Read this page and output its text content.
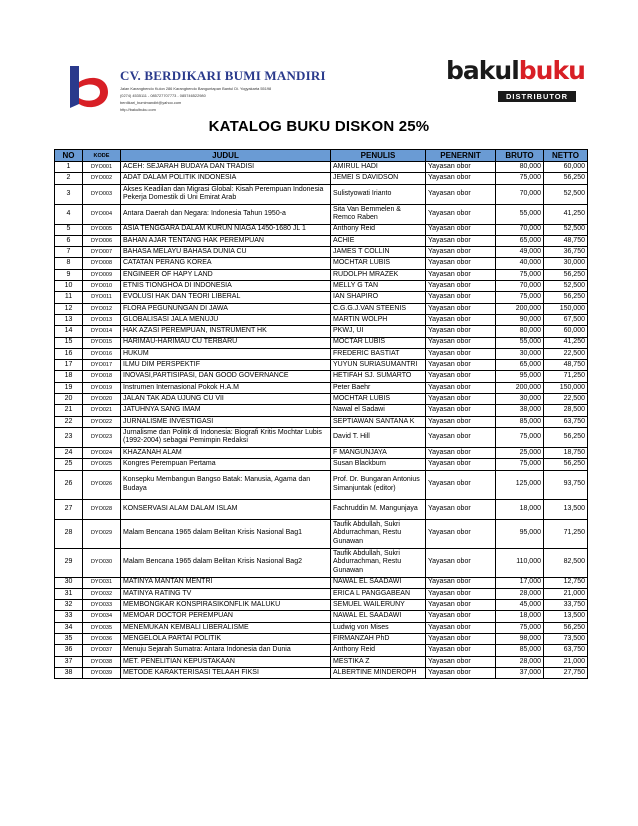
CV. BERDIKARI BUMI MANDIRI
Jalan Karangbendo Kulon 286 Karangbendo Banguntapan Bantul Di. Yogyakarta 55198
(0274) 4535111 - 085727707773 - 085746522980
berdikari_bumimandiri@yahoo.com
http://bakulbuku.com
bakulbuku
DISTRIBUTOR
KATALOG BUKU DISKON 25%
NO	KODE	JUDUL	PENULIS	PENERNIT	BRUTO	NETTO
1	DYO001	ACEH: SEJARAH BUDAYA DAN TRADISI	AMIRUL HADI	Yayasan obor	80,000	60,000
2	DYO002	ADAT DALAM POLITIK INDONESIA	JEMEI S DAVIDSON	Yayasan obor	75,000	56,250
3	DYO003	Akses Keadilan dan Migrasi Global: Kisah Perempuan Indonesia Pekerja Domestik di Uni Emirat Arab	Sulistyowati Irianto	Yayasan obor	70,000	52,500
4	DYO004	Antara Daerah dan Negara: Indonesia Tahun 1950-a	Sita Van Bemmelen & Remco Raben	Yayasan obor	55,000	41,250
5	DYO005	ASIA TENGGARA DALAM KURUN NIAGA 1450-1680 JL 1	Anthony Reid	Yayasan obor	70,000	52,500
6	DYO006	BAHAN AJAR TENTANG HAK PEREMPUAN	ACHIE	Yayasan obor	65,000	48,750
7	DYO007	BAHASA MELAYU BAHASA DUNIA CU	JAMES T COLLIN	Yayasan obor	49,000	36,750
8	DYO008	CATATAN PERANG KOREA	MOCHTAR LUBIS	Yayasan obor	40,000	30,000
9	DYO009	ENGINEER OF HAPY LAND	RUDOLPH MRAZEK	Yayasan obor	75,000	56,250
10	DYO010	ETNIS TIONGHOA DI INDONESIA	MELLY G TAN	Yayasan obor	70,000	52,500
11	DYO011	EVOLUSI HAK DAN TEORI LIBERAL	IAN SHAPIRO	Yayasan obor	75,000	56,250
12	DYO012	FLORA PEGUNUNGAN DI JAWA	C.G.G.J.VAN STEENIS	Yayasan obor	200,000	150,000
13	DYO013	GLOBALISASI JALA MENUJU	MARTIN WOLPH	Yayasan obor	90,000	67,500
14	DYO014	HAK AZASI PEREMPUAN, INSTRUMENT HK	PKWJ, UI	Yayasan obor	80,000	60,000
15	DYO015	HARIMAU-HARIMAU CU TERBARU	MOCTAR LUBIS	Yayasan obor	55,000	41,250
16	DYO016	HUKUM	FREDERIC BASTIAT	Yayasan obor	30,000	22,500
17	DYO017	ILMU DIM PERSPEKTIF	YUYUN SURIASUMANTRI	Yayasan obor	65,000	48,750
18	DYO018	INOVASI,PARTISIPASI, DAN GOOD GOVERNANCE	HETIFAH SJ. SUMARTO	Yayasan obor	95,000	71,250
19	DYO019	Instrumen Internasional Pokok H.A.M	Peter Baehr	Yayasan obor	200,000	150,000
20	DYO020	JALAN TAK ADA UJUNG CU VII	MOCHTAR LUBIS	Yayasan obor	30,000	22,500
21	DYO021	JATUHNYA SANG IMAM	Nawal el Sadawi	Yayasan obor	38,000	28,500
22	DYO022	JURNALISME INVESTIGASI	SEPTIAWAN SANTANA K	Yayasan obor	85,000	63,750
23	DYO023	Jurnalisme dan Politik di Indonesia: Biografi Kritis Mochtar Lubis (1992-2004) sebagai Pemimpin Redaksi	David T. Hill	Yayasan obor	75,000	56,250
24	DYO024	KHAZANAH ALAM	F MANGUNJAYA	Yayasan obor	25,000	18,750
25	DYO025	Kongres Perempuan Pertama	Susan Blackburn	Yayasan obor	75,000	56,250
26	DYO026	Konsepku Membangun Bangso Batak: Manusia, Agama dan Budaya	Prof. Dr. Bungaran Antonius Simanjuntak (editor)	Yayasan obor	125,000	93,750
27	DYO028	KONSERVASI ALAM DALAM ISLAM	Fachruddin M. Mangunjaya	Yayasan obor	18,000	13,500
28	DYO029	Malam Bencana 1965 dalam Belitan Krisis Nasional Bag1	Taufik Abdullah, Sukri Abdurrachman, Restu Gunawan	Yayasan obor	95,000	71,250
29	DYO030	Malam Bencana 1965 dalam Belitan Krisis Nasional Bag2	Taufik Abdullah, Sukri Abdurrachman, Restu Gunawan	Yayasan obor	110,000	82,500
30	DYO031	MATINYA MANTAN MENTRI	NAWAL EL SAADAWI	Yayasan obor	17,000	12,750
31	DYO032	MATINYA RATING TV	ERICA L PANGGABEAN	Yayasan obor	28,000	21,000
32	DYO033	MEMBONGKAR KONSPIRASIKONFLIK MALUKU	SEMUEL WAILERUNY	Yayasan obor	45,000	33,750
33	DYO034	MEMOAR DOCTOR PEREMPUAN	NAWAL EL SAADAWI	Yayasan obor	18,000	13,500
34	DYO035	MENEMUKAN KEMBALI LIBERALISME	Ludwig von Mises	Yayasan obor	75,000	56,250
35	DYO036	MENGELOLA PARTAI POLITIK	FIRMANZAH PhD	Yayasan obor	98,000	73,500
36	DYO037	Menuju Sejarah Sumatra: Antara Indonesia dan Dunia	Anthony Reid	Yayasan obor	85,000	63,750
37	DYO038	MET. PENELITIAN KEPUSTAKAAN	MESTIKA Z	Yayasan obor	28,000	21,000
38	DYO039	METODE KARAKTERISASI TELAAH FIKSI	ALBERTINE MINDEROPH	Yayasan obor	37,000	27,750
